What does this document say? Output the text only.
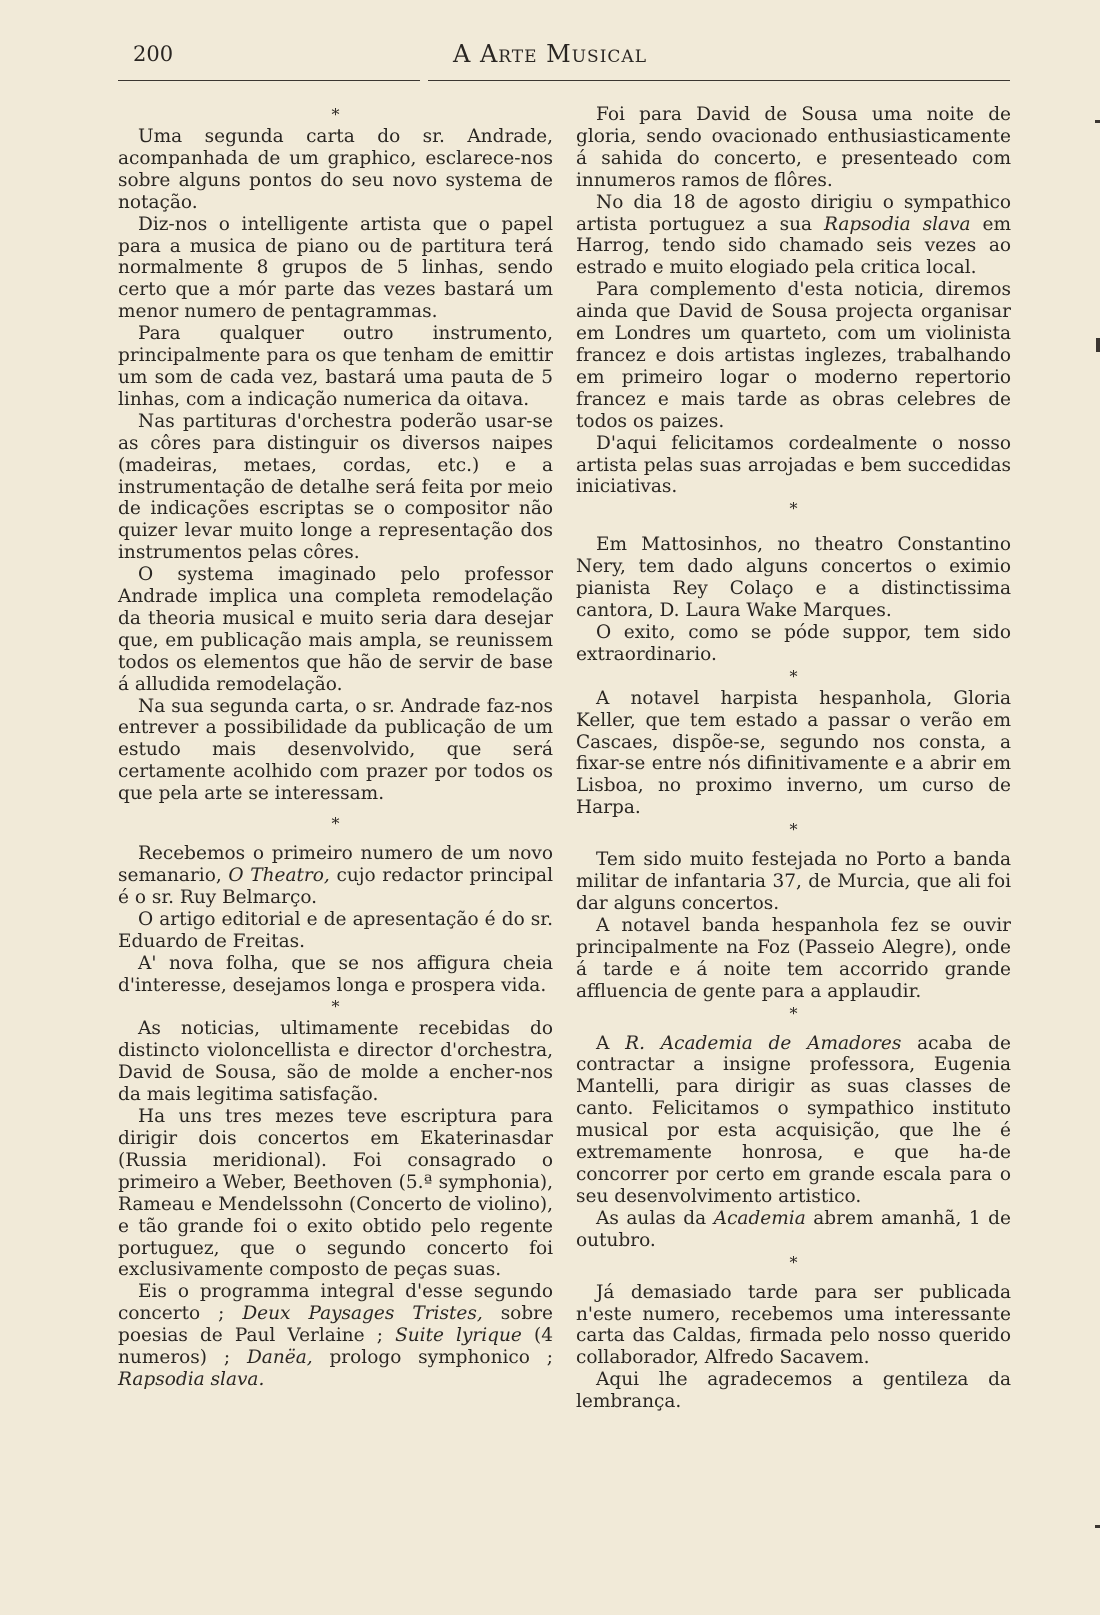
200	A Arte Musical
*

Uma segunda carta do sr. Andrade, acompanhada de um graphico, esclarece-nos sobre alguns pontos do seu novo systema de notação.

Diz-nos o intelligente artista que o papel para a musica de piano ou de partitura terá normalmente 8 grupos de 5 linhas, sendo certo que a mór parte das vezes bastará um menor numero de pentagrammas.

Para qualquer outro instrumento, principalmente para os que tenham de emittir um som de cada vez, bastará uma pauta de 5 linhas, com a indicação numerica da oitava.

Nas partituras d'orchestra poderão usar-se as côres para distinguir os diversos naipes (madeiras, metaes, cordas, etc.) e a instrumentação de detalhe será feita por meio de indicações escriptas se o compositor não quizer levar muito longe a representação dos instrumentos pelas côres.

O systema imaginado pelo professor Andrade implica una completa remodelação da theoria musical e muito seria dara desejar que, em publicação mais ampla, se reunissem todos os elementos que hão de servir de base á alludida remodelação.

Na sua segunda carta, o sr. Andrade faz-nos entrever a possibilidade da publicação de um estudo mais desenvolvido, que será certamente acolhido com prazer por todos os que pela arte se interessam.

*

Recebemos o primeiro numero de um novo semanario, O Theatro, cujo redactor principal é o sr. Ruy Belmarço.

O artigo editorial e de apresentação é do sr. Eduardo de Freitas.

A' nova folha, que se nos affigura cheia d'interesse, desejamos longa e prospera vida.

*

As noticias, ultimamente recebidas do distincto violoncellista e director d'orchestra, David de Sousa, são de molde a encher-nos da mais legitima satisfação.

Ha uns tres mezes teve escriptura para dirigir dois concertos em Ekaterinasdar (Russia meridional). Foi consagrado o primeiro a Weber, Beethoven (5.ª symphonia), Rameau e Mendelssohn (Concerto de violino), e tão grande foi o exito obtido pelo regente portuguez, que o segundo concerto foi exclusivamente composto de peças suas.

Eis o programma integral d'esse segundo concerto ; Deux Paysages Tristes, sobre poesias de Paul Verlaine ; Suite lyrique (4 numeros) ; Danëa, prologo symphonico ; Rapsodia slava.

Foi para David de Sousa uma noite de gloria, sendo ovacionado enthusiasticamente á sahida do concerto, e presenteado com innumeros ramos de flôres.

No dia 18 de agosto dirigiu o sympathico artista portuguez a sua Rapsodia slava em Harrog, tendo sido chamado seis vezes ao estrado e muito elogiado pela critica local.

Para complemento d'esta noticia, diremos ainda que David de Sousa projecta organisar em Londres um quarteto, com um violinista francez e dois artistas inglezes, trabalhando em primeiro logar o moderno repertorio francez e mais tarde as obras celebres de todos os paizes.

D'aqui felicitamos cordealmente o nosso artista pelas suas arrojadas e bem succedidas iniciativas.

*

Em Mattosinhos, no theatro Constantino Nery, tem dado alguns concertos o eximio pianista Rey Colaço e a distinctissima cantora, D. Laura Wake Marques.

O exito, como se póde suppor, tem sido extraordinario.

*

A notavel harpista hespanhola, Gloria Keller, que tem estado a passar o verão em Cascaes, dispõe-se, segundo nos consta, a fixar-se entre nós difinitivamente e a abrir em Lisboa, no proximo inverno, um curso de Harpa.

*

Tem sido muito festejada no Porto a banda militar de infantaria 37, de Murcia, que ali foi dar alguns concertos.

A notavel banda hespanhola fez se ouvir principalmente na Foz (Passeio Alegre), onde á tarde e á noite tem accorrido grande affluencia de gente para a applaudir.

*

A R. Academia de Amadores acaba de contractar a insigne professora, Eugenia Mantelli, para dirigir as suas classes de canto. Felicitamos o sympathico instituto musical por esta acquisição, que lhe é extremamente honrosa, e que ha-de concorrer por certo em grande escala para o seu desenvolvimento artistico.

As aulas da Academia abrem amanhã, 1 de outubro.

*

Já demasiado tarde para ser publicada n'este numero, recebemos uma interessante carta das Caldas, firmada pelo nosso querido collaborador, Alfredo Sacavem.

Aqui lhe agradecemos a gentileza da lembrança.
